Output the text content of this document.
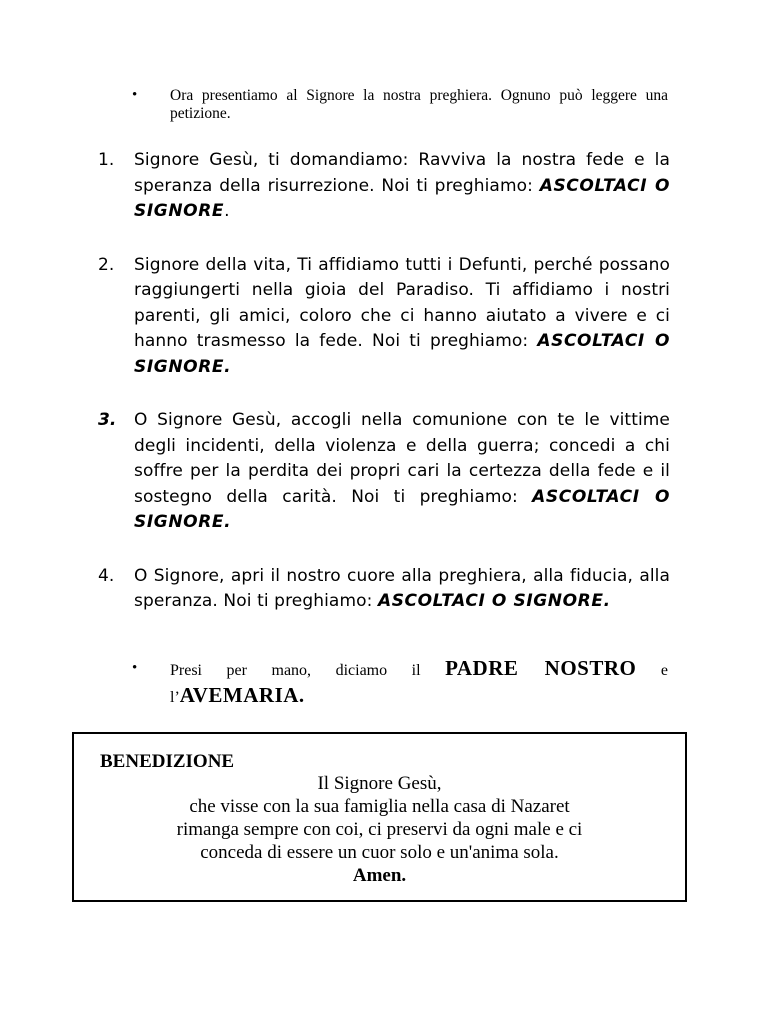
•	Ora presentiamo al Signore la nostra preghiera. Ognuno può leggere una petizione.
1.	Signore Gesù, ti domandiamo: Ravviva la nostra fede e la speranza della risurrezione. Noi ti preghiamo: ASCOLTACI O SIGNORE.
2.	Signore della vita, Ti affidiamo tutti i Defunti, perché possano raggiungerti nella gioia del Paradiso. Ti affidiamo i nostri parenti, gli amici, coloro che ci hanno aiutato a vivere e ci hanno trasmesso la fede. Noi ti preghiamo: ASCOLTACI O SIGNORE.
3.	O Signore Gesù, accogli nella comunione con te le vittime degli incidenti, della violenza e della guerra; concedi a chi soffre per la perdita dei propri cari la certezza della fede e il sostegno della carità. Noi ti preghiamo: ASCOLTACI O SIGNORE.
4.	O Signore, apri il nostro cuore alla preghiera, alla fiducia, alla speranza. Noi ti preghiamo: ASCOLTACI O SIGNORE.
•	Presi per mano, diciamo il PADRE NOSTRO e
l’AVEMARIA.
BENEDIZIONE
Il Signore Gesù,
che visse con la sua famiglia nella casa di Nazaret
rimanga sempre con coi, ci preservi da ogni male e ci
conceda di essere un cuor solo e un'anima sola.
Amen.
